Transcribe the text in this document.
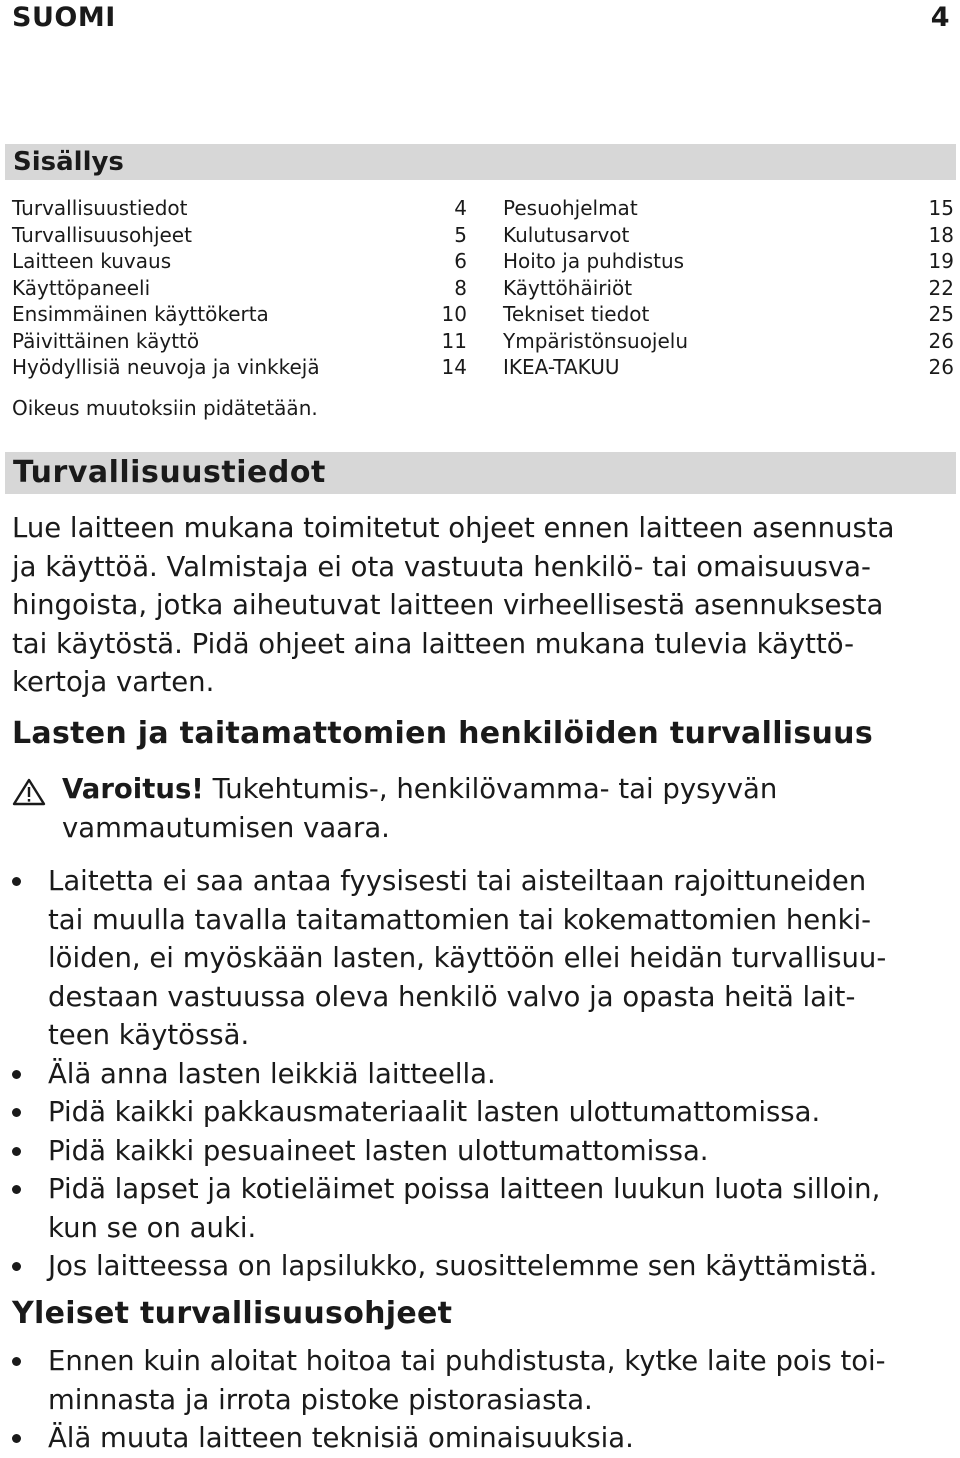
SUOMI	4
Sisällys
Turvallisuustiedot	4
Turvallisuusohjeet	5
Laitteen kuvaus	6
Käyttöpaneeli	8
Ensimmäinen käyttökerta	10
Päivittäinen käyttö	11
Hyödyllisiä neuvoja ja vinkkejä	14
Pesuohjelmat	15
Kulutusarvot	18
Hoito ja puhdistus	19
Käyttöhäiriöt	22
Tekniset tiedot	25
Ympäristönsuojelu	26
IKEA-TAKUU	26
Oikeus muutoksiin pidätetään.
Turvallisuustiedot
Lue laitteen mukana toimitetut ohjeet ennen laitteen asennusta
ja käyttöä. Valmistaja ei ota vastuuta henkilö- tai omaisuusva-
hingoista, jotka aiheutuvat laitteen virheellisestä asennuksesta
tai käytöstä. Pidä ohjeet aina laitteen mukana tulevia käyttö-
kertoja varten.
Lasten ja taitamattomien henkilöiden turvallisuus
Varoitus! Tukehtumis-, henkilövamma- tai pysyvän
vammautumisen vaara.
Laitetta ei saa antaa fyysisesti tai aisteiltaan rajoittuneiden
tai muulla tavalla taitamattomien tai kokemattomien henki-
löiden, ei myöskään lasten, käyttöön ellei heidän turvallisuu-
destaan vastuussa oleva henkilö valvo ja opasta heitä lait-
teen käytössä.
Älä anna lasten leikkiä laitteella.
Pidä kaikki pakkausmateriaalit lasten ulottumattomissa.
Pidä kaikki pesuaineet lasten ulottumattomissa.
Pidä lapset ja kotieläimet poissa laitteen luukun luota silloin,
kun se on auki.
Jos laitteessa on lapsilukko, suosittelemme sen käyttämistä.
Yleiset turvallisuusohjeet
Ennen kuin aloitat hoitoa tai puhdistusta, kytke laite pois toi-
minnasta ja irrota pistoke pistorasiasta.
Älä muuta laitteen teknisiä ominaisuuksia.
